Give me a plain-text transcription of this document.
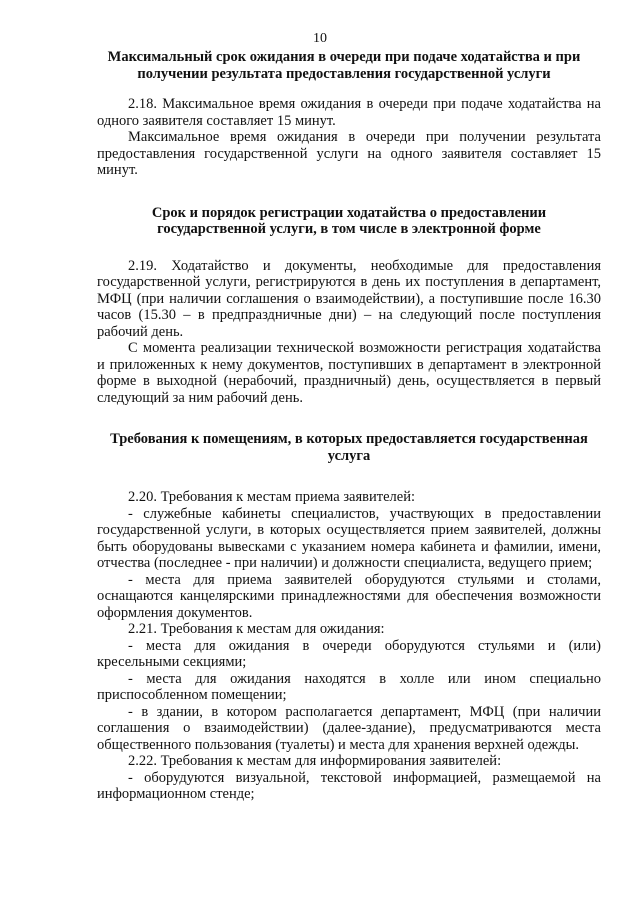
10

Максимальный срок ожидания в очереди при подаче ходатайства и при получении результата предоставления государственной услуги

2.18. Максимальное время ожидания в очереди при подаче ходатайства на одного заявителя составляет 15 минут.

Максимальное время ожидания в очереди при получении результата предоставления государственной услуги на одного заявителя составляет 15 минут.

Срок и порядок регистрации ходатайства о предоставлении государственной услуги, в том числе в электронной форме

2.19. Ходатайство и документы, необходимые для предоставления государственной услуги, регистрируются в день их поступления в департамент, МФЦ (при наличии соглашения о взаимодействии), а поступившие после 16.30 часов (15.30 – в предпраздничные дни) – на следующий после поступления рабочий день.

С момента реализации технической возможности регистрация ходатайства и приложенных к нему документов, поступивших в департамент в электронной форме в выходной (нерабочий, праздничный) день, осуществляется в первый следующий за ним рабочий день.

Требования к помещениям, в которых предоставляется государственная услуга

2.20. Требования к местам приема заявителей:

- служебные кабинеты специалистов, участвующих в предоставлении государственной услуги, в которых осуществляется прием заявителей, должны быть оборудованы вывесками с указанием номера кабинета и фамилии, имени, отчества (последнее - при наличии) и должности специалиста, ведущего прием;

- места для приема заявителей оборудуются стульями и столами, оснащаются канцелярскими принадлежностями для обеспечения возможности оформления документов.

2.21. Требования к местам для ожидания:

- места для ожидания в очереди оборудуются стульями и (или) кресельными секциями;

- места для ожидания находятся в холле или ином специально приспособленном помещении;

- в здании, в котором располагается департамент, МФЦ (при наличии соглашения о взаимодействии) (далее-здание), предусматриваются места общественного пользования (туалеты) и места для хранения верхней одежды.

2.22. Требования к местам для информирования заявителей:

- оборудуются визуальной, текстовой информацией, размещаемой на информационном стенде;
